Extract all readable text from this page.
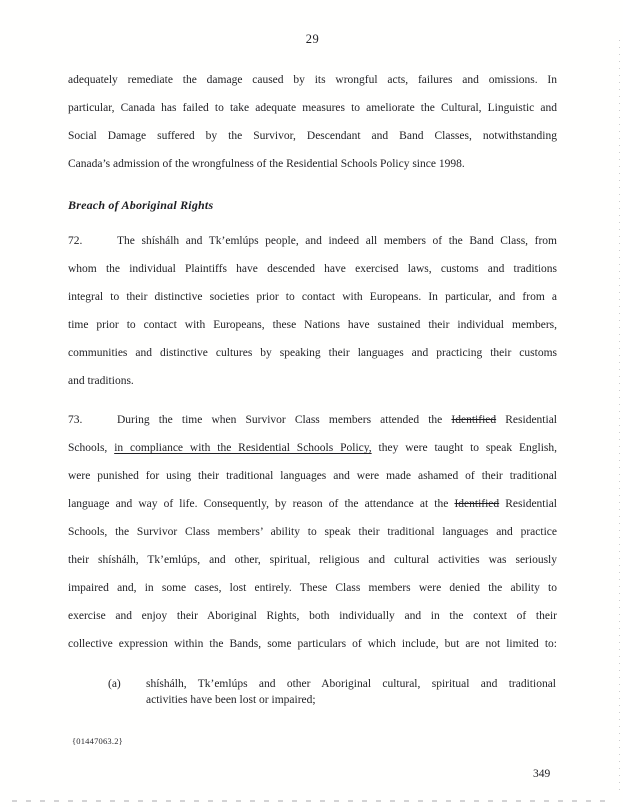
29
adequately remediate the damage caused by its wrongful acts, failures and omissions. In
particular, Canada has failed to take adequate measures to ameliorate the Cultural, Linguistic and
Social Damage suffered by the Survivor, Descendant and Band Classes, notwithstanding
Canada’s admission of the wrongfulness of the Residential Schools Policy since 1998.
Breach of Aboriginal Rights
72.	The shíshálh and Tk’emlúps people, and indeed all members of the Band Class, from
whom the individual Plaintiffs have descended have exercised laws, customs and traditions
integral to their distinctive societies prior to contact with Europeans. In particular, and from a
time prior to contact with Europeans, these Nations have sustained their individual members,
communities and distinctive cultures by speaking their languages and practicing their customs
and traditions.
73.	During the time when Survivor Class members attended the Identified Residential
Schools, in compliance with the Residential Schools Policy, they were taught to speak English,
were punished for using their traditional languages and were made ashamed of their traditional
language and way of life. Consequently, by reason of the attendance at the Identified Residential
Schools, the Survivor Class members’ ability to speak their traditional languages and practice
their shíshálh, Tk’emlúps, and other, spiritual, religious and cultural activities was seriously
impaired and, in some cases, lost entirely. These Class members were denied the ability to
exercise and enjoy their Aboriginal Rights, both individually and in the context of their
collective expression within the Bands, some particulars of which include, but are not limited to:
(a) shíshálh, Tk’emlúps and other Aboriginal cultural, spiritual and traditional
activities have been lost or impaired;
{01447063.2}
349
